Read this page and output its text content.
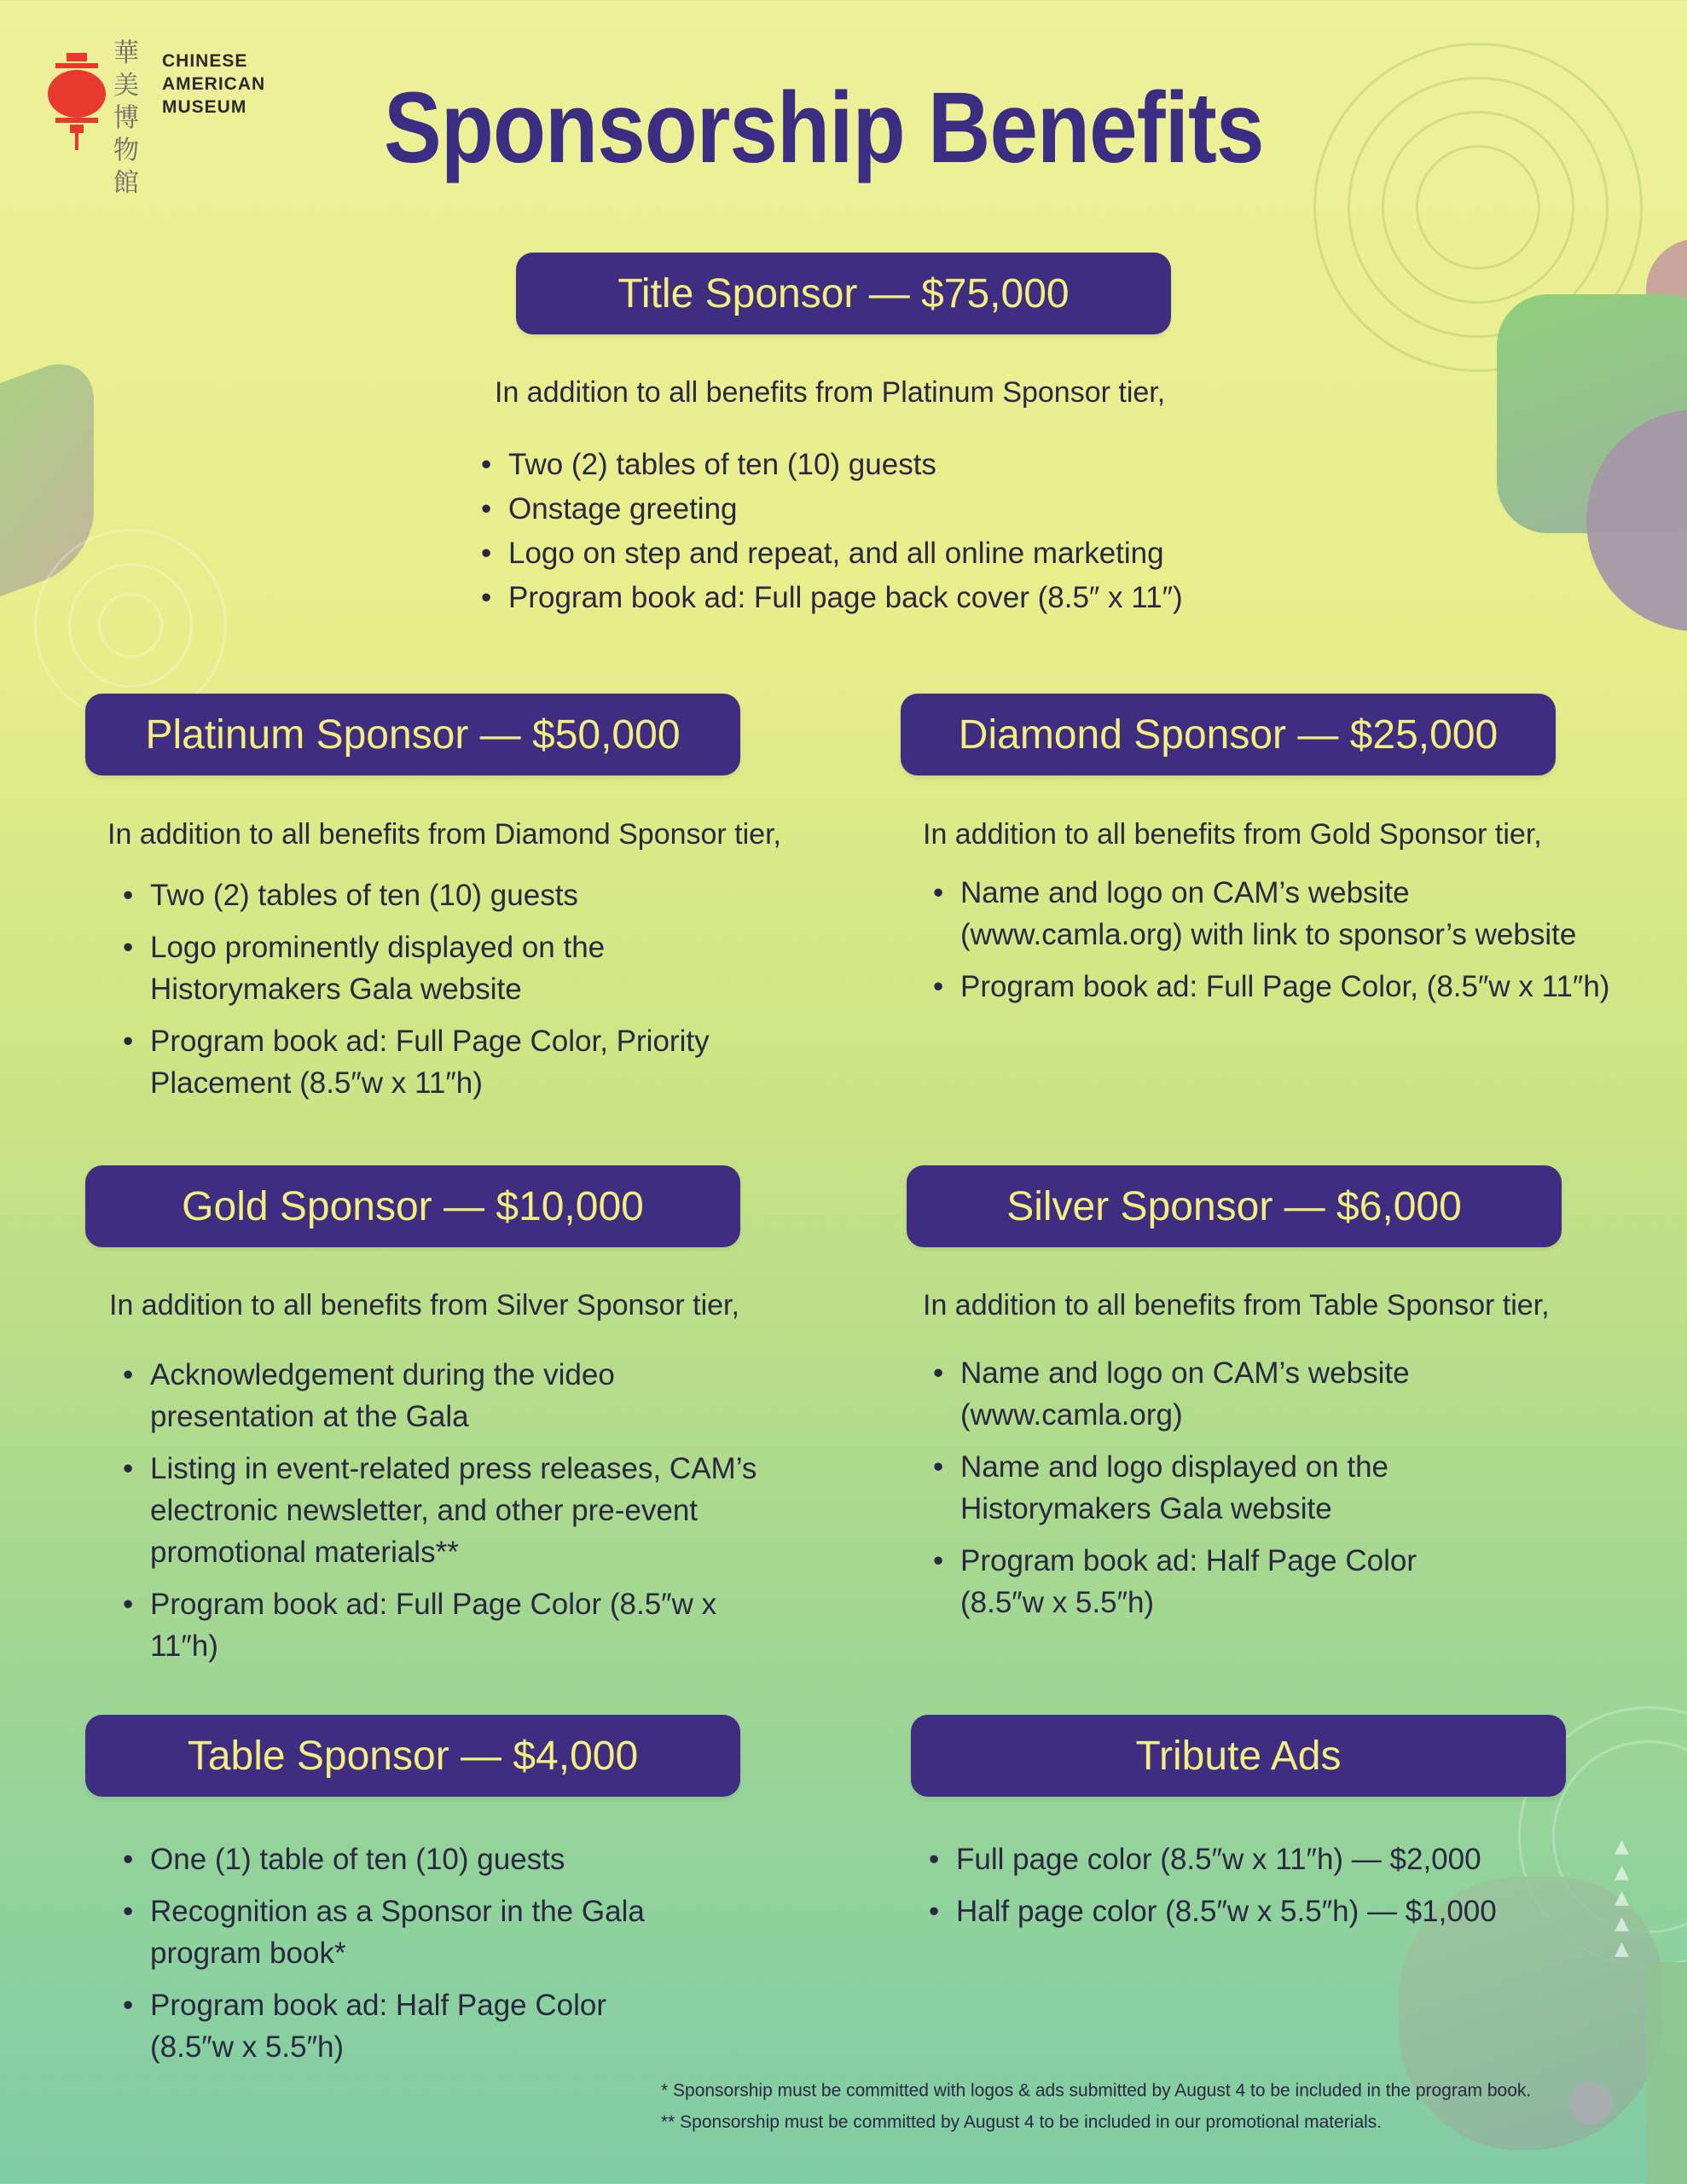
▲
▲
▲
▲
▲
華
美
博
物
館
CHINESE
AMERICAN
MUSEUM Sponsorship Benefits
Title Sponsor — $75,000
In addition to all benefits from Platinum Sponsor tier,
• Two (2) tables of ten (10) guests
• Onstage greeting
• Logo on step and repeat, and all online marketing
• Program book ad: Full page back cover (8.5″ x 11″)
Platinum Sponsor — $50,000
In addition to all benefits from Diamond Sponsor tier,
• Two (2) tables of ten (10) guests
• Logo prominently displayed on the Historymakers Gala website
• Program book ad: Full Page Color, Priority Placement (8.5″w x 11″h)
Diamond Sponsor — $25,000
In addition to all benefits from Gold Sponsor tier,
• Name and logo on CAM’s website (www.camla.org) with link to sponsor’s website
• Program book ad: Full Page Color, (8.5″w x 11″h)
Gold Sponsor — $10,000
In addition to all benefits from Silver Sponsor tier,
• Acknowledgement during the video presentation at the Gala
• Listing in event-related press releases, CAM’s electronic newsletter, and other pre-event promotional materials**
• Program book ad: Full Page Color (8.5″w x 11″h)
Silver Sponsor — $6,000
In addition to all benefits from Table Sponsor tier,
• Name and logo on CAM’s website (www.camla.org)
• Name and logo displayed on the Historymakers Gala website
• Program book ad: Half Page Color (8.5″w x 5.5″h)
Table Sponsor — $4,000
• One (1) table of ten (10) guests
• Recognition as a Sponsor in the Gala program book*
• Program book ad: Half Page Color (8.5″w x 5.5″h)
Tribute Ads
• Full page color (8.5″w x 11″h) — $2,000
• Half page color (8.5″w x 5.5″h) — $1,000
* Sponsorship must be committed with logos & ads submitted by August 4 to be included in the program book.
** Sponsorship must be committed by August 4 to be included in our promotional materials.
